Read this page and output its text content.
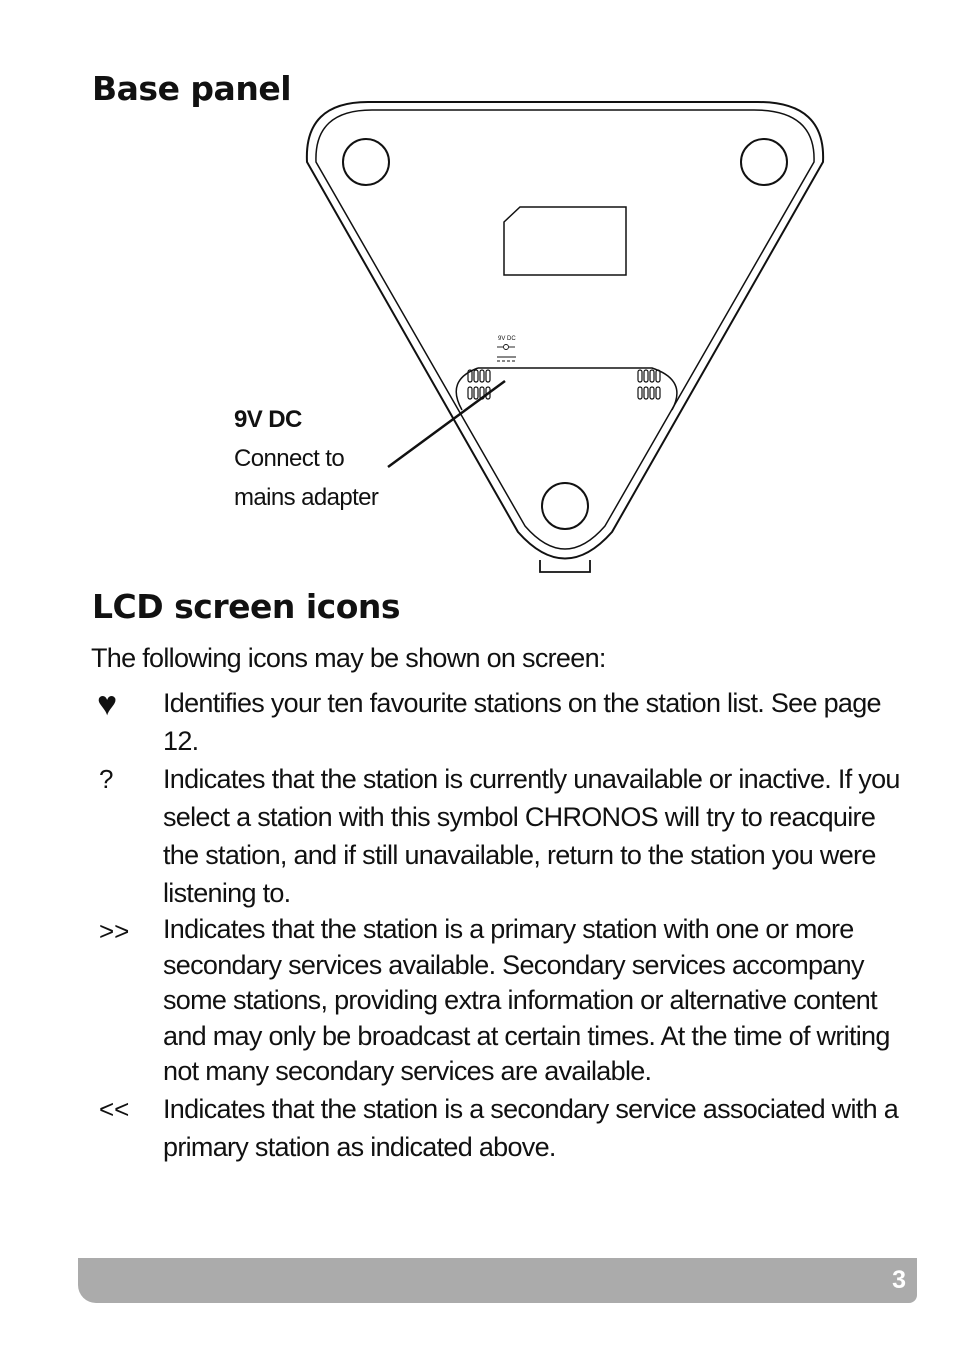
Base panel
9V DC
9V DC
Connect to
mains adapter
LCD screen icons

The following icons may be shown on screen:

♥	Identifies your ten favourite stations on the station list. See page 12.
?	Indicates that the station is currently unavailable or inactive. If you select a station with this symbol CHRONOS will try to reacquire the station, and if still unavailable, return to the station you were listening to.
>>	Indicates that the station is a primary station with one or more secondary services available. Secondary services accompany some stations, providing extra information or alternative content and may only be broadcast at certain times. At the time of writing not many secondary services are available.
<<	Indicates that the station is a secondary service associated with a primary station as indicated above.
3
